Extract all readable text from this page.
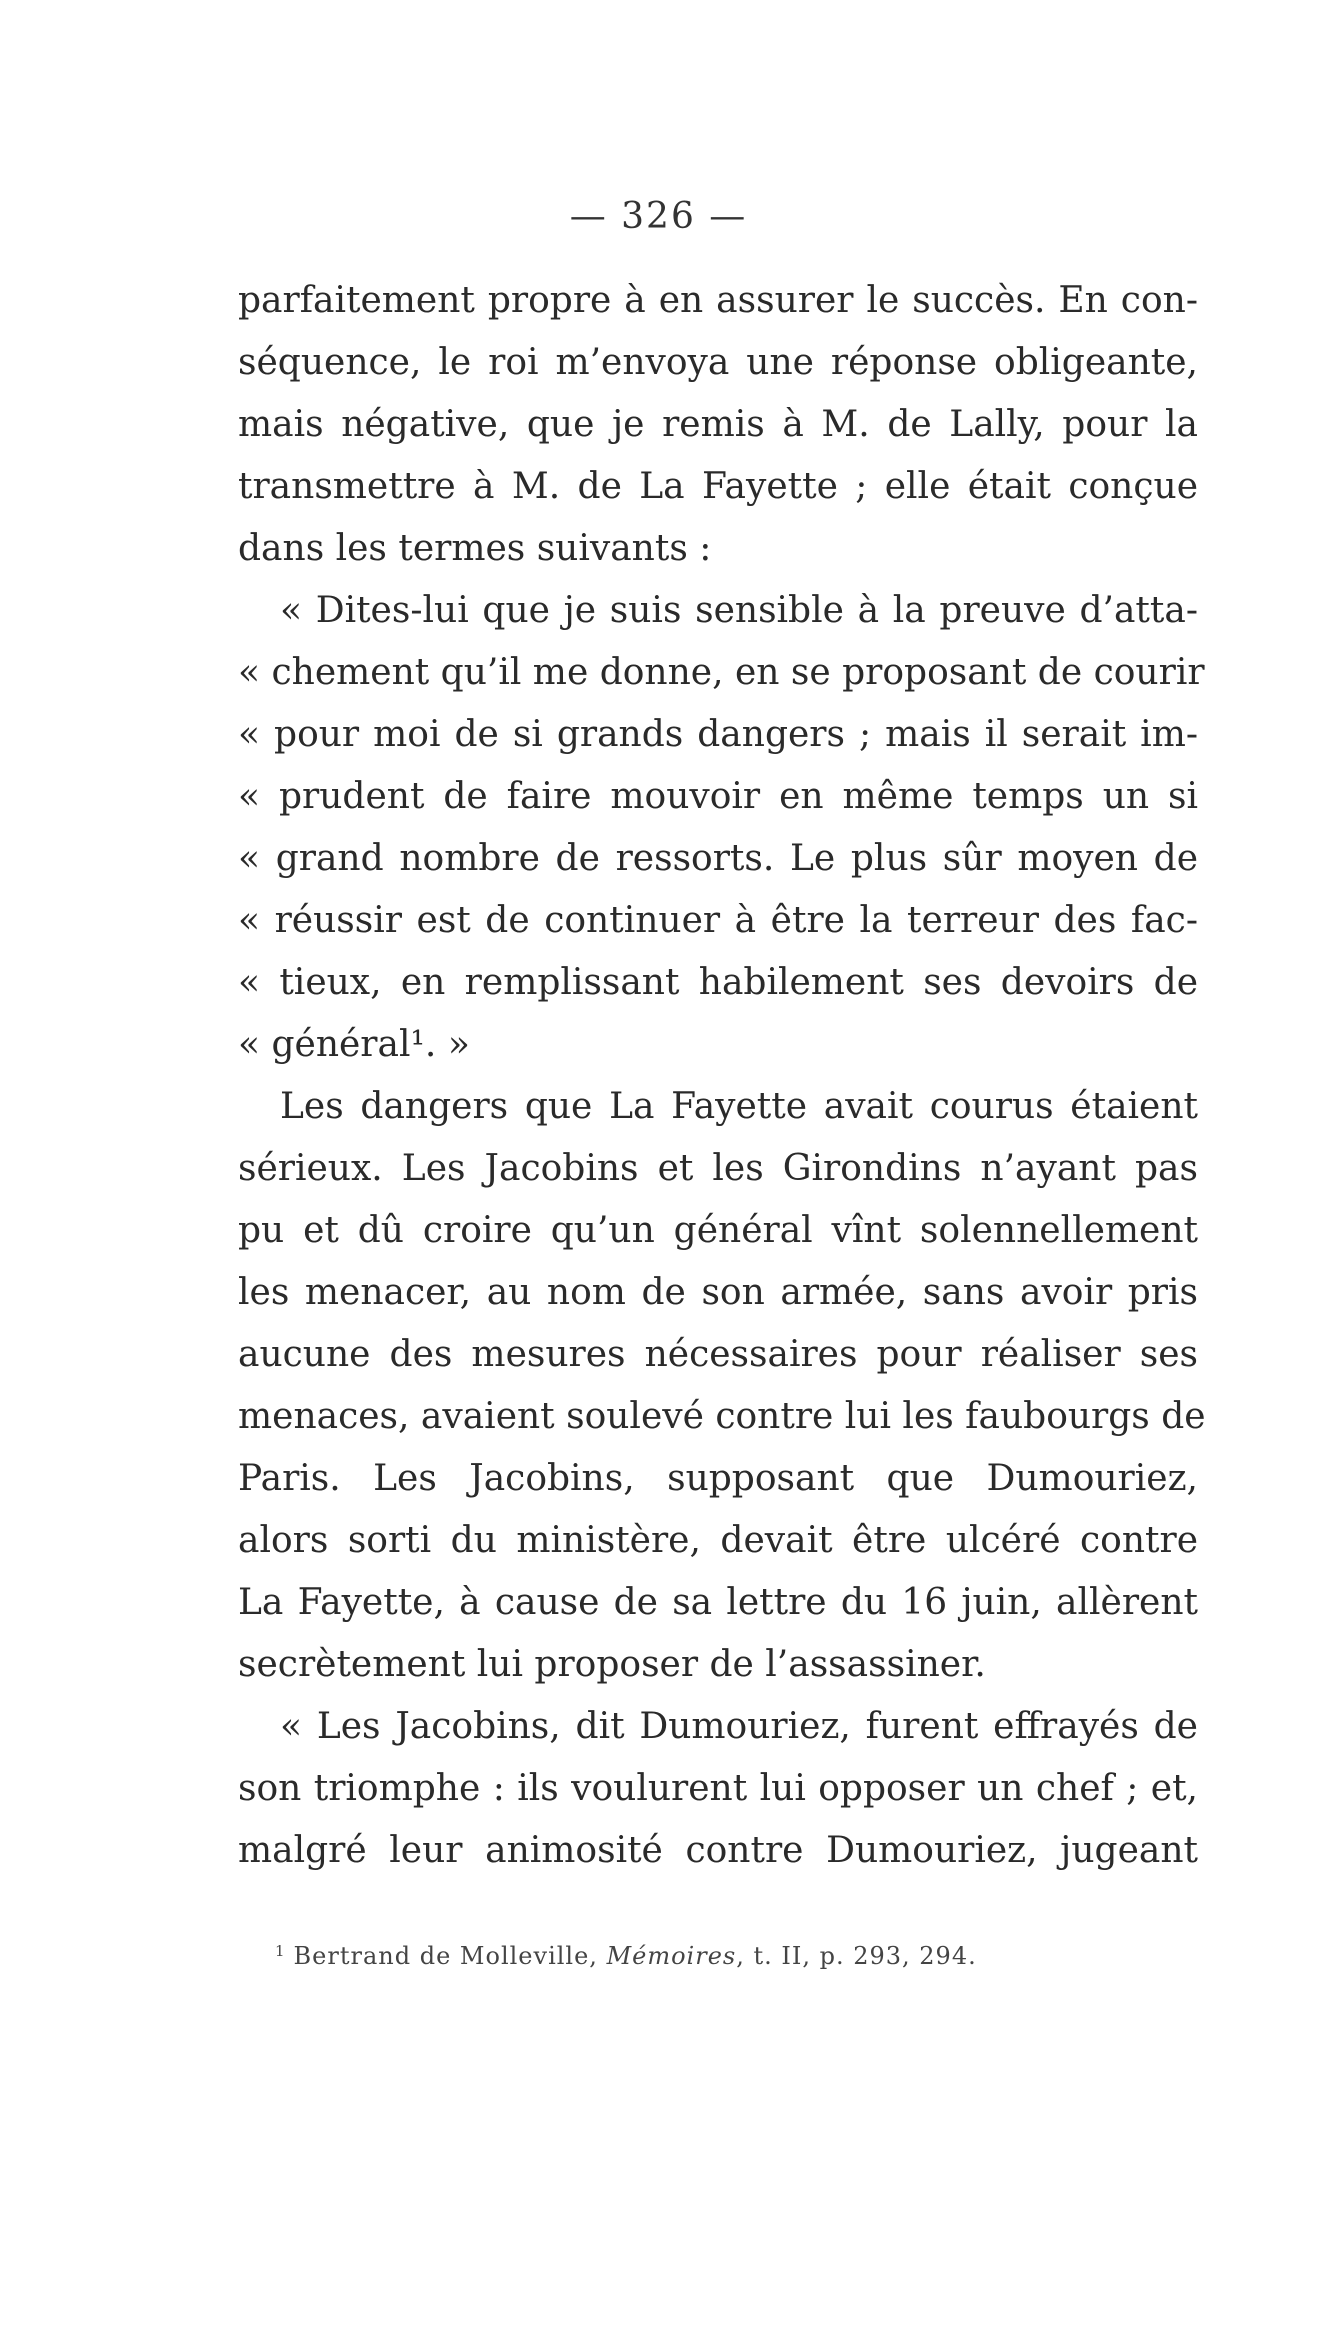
— 326 —
parfaitement propre à en assurer le succès. En con-
séquence, le roi m’envoya une réponse obligeante,
mais négative, que je remis à M. de Lally, pour la
transmettre à M. de La Fayette ; elle était conçue
dans les termes suivants :
« Dites-lui que je suis sensible à la preuve d’atta-
« chement qu’il me donne, en se proposant de courir
« pour moi de si grands dangers ; mais il serait im-
« prudent de faire mouvoir en même temps un si
« grand nombre de ressorts. Le plus sûr moyen de
« réussir est de continuer à être la terreur des fac-
« tieux, en remplissant habilement ses devoirs de
« général¹. »
Les dangers que La Fayette avait courus étaient
sérieux. Les Jacobins et les Girondins n’ayant pas
pu et dû croire qu’un général vînt solennellement
les menacer, au nom de son armée, sans avoir pris
aucune des mesures nécessaires pour réaliser ses
menaces, avaient soulevé contre lui les faubourgs de
Paris. Les Jacobins, supposant que Dumouriez,
alors sorti du ministère, devait être ulcéré contre
La Fayette, à cause de sa lettre du 16 juin, allèrent
secrètement lui proposer de l’assassiner.
« Les Jacobins, dit Dumouriez, furent effrayés de
son triomphe : ils voulurent lui opposer un chef ; et,
malgré leur animosité contre Dumouriez, jugeant
$^1$ Bertrand de Molleville, Mémoires, t. II, p. 293, 294.
